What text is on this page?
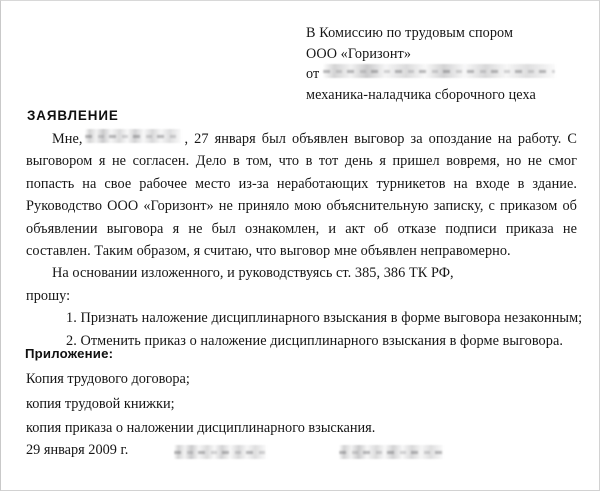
В Комиссию по трудовым спором
ООО «Горизонт»
от
механика-наладчика сборочного цеха
ЗАЯВЛЕНИЕ

Мне,	, 27 января был объявлен выговор за опоздание на работу. С выговором я не согласен. Дело в том, что в тот день я пришел вовремя, но не смог попасть на свое рабочее место из-за неработающих турникетов на входе в здание. Руководство ООО «Горизонт» не приняло мою объяснительную записку, с приказом об объявлении выговора я не был ознакомлен, и акт об отказе подписи приказа не составлен. Таким образом, я считаю, что выговор мне объявлен неправомерно.

На основании изложенного, и руководствуясь ст. 385, 386 ТК РФ,

прошу:

1. Признать наложение дисциплинарного взыскания в форме выговора незаконным;
2. Отменить приказ о наложение дисциплинарного взыскания в форме выговора.
Приложение:
Копия трудового договора;
копия трудовой книжки;
копия приказа о наложении дисциплинарного взыскания.
29 января 2009 г.
